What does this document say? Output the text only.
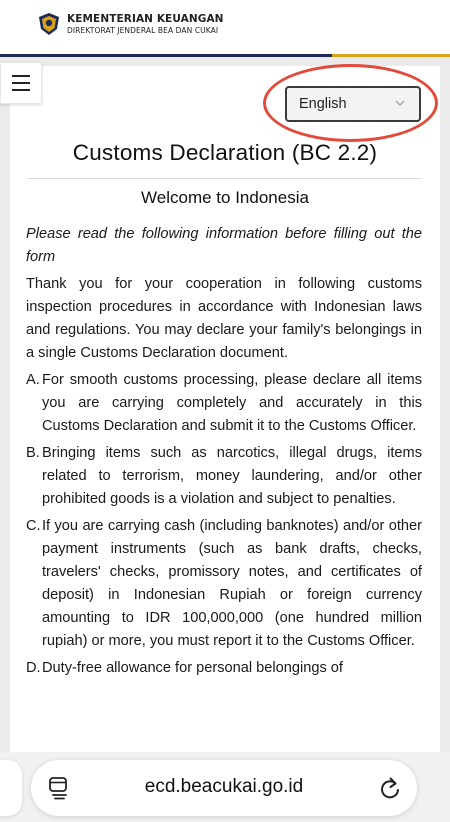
KEMENTERIAN KEUANGAN
DIREKTORAT JENDERAL BEA DAN CUKAI
English
Customs Declaration (BC 2.2)
Welcome to Indonesia

Please read the following information before filling out the form

Thank you for your cooperation in following customs inspection procedures in accordance with Indonesian laws and regulations. You may declare your family's belongings in a single Customs Declaration document.

A. For smooth customs processing, please declare all items you are carrying completely and accurately in this Customs Declaration and submit it to the Customs Officer.
B. Bringing items such as narcotics, illegal drugs, items related to terrorism, money laundering, and/or other prohibited goods is a violation and subject to penalties.
C. If you are carrying cash (including banknotes) and/or other payment instruments (such as bank drafts, checks, travelers' checks, promissory notes, and certificates of deposit) in Indonesian Rupiah or foreign currency amounting to IDR 100,000,000 (one hundred million rupiah) or more, you must report it to the Customs Officer.
D. Duty-free allowance for personal belongings of
ecd.beacukai.go.id
